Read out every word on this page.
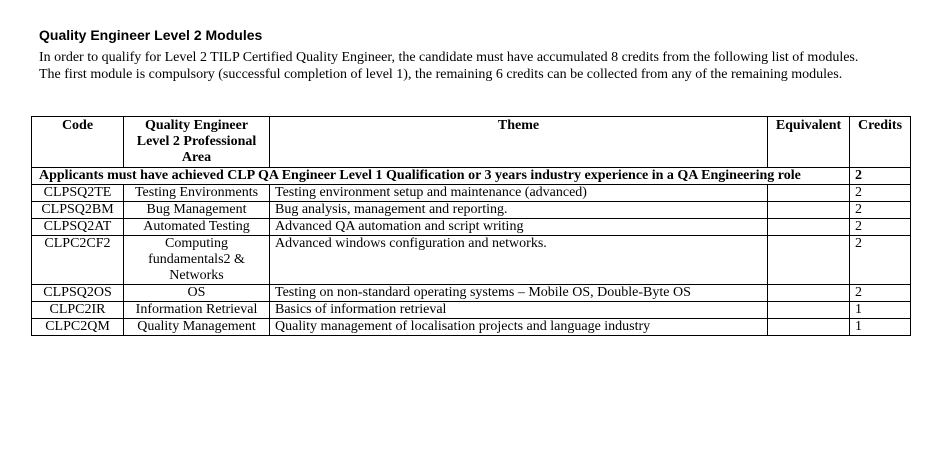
Quality Engineer Level 2 Modules
In order to qualify for Level 2 TILP Certified Quality Engineer, the candidate must have accumulated 8 credits from the following list of modules.
The first module is compulsory (successful completion of level 1), the remaining 6 credits can be collected from any of the remaining modules.
Code	Quality Engineer Level 2 Professional Area	Theme	Equivalent	Credits
Applicants must have achieved CLP QA Engineer Level 1 Qualification or 3 years industry experience in a QA Engineering role				2
CLPSQ2TE	Testing Environments	Testing environment setup and maintenance (advanced)		2
CLPSQ2BM	Bug Management	Bug analysis, management and reporting.		2
CLPSQ2AT	Automated Testing	Advanced QA automation and script writing		2
CLPC2CF2	Computing fundamentals2 & Networks	Advanced windows configuration and networks.		2
CLPSQ2OS	OS	Testing on non-standard operating systems – Mobile OS, Double-Byte OS		2
CLPC2IR	Information Retrieval	Basics of information retrieval		1
CLPC2QM	Quality Management	Quality management of localisation projects and language industry		1
